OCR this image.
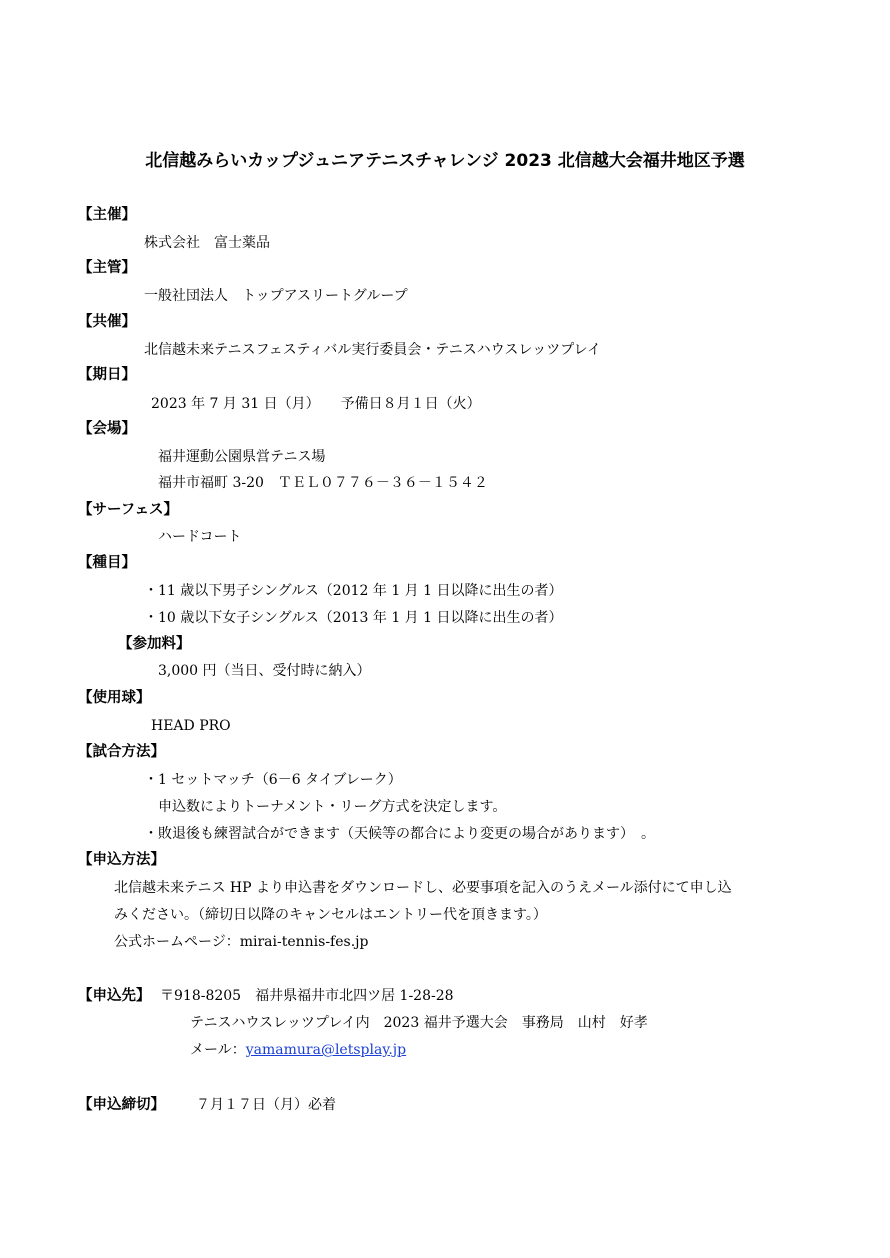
北信越みらいカップジュニアテニスチャレンジ 2023 北信越大会福井地区予選
【主催】
株式会社　富士薬品
【主管】
一般社団法人　トップアスリートグループ
【共催】
北信越未来テニスフェスティバル実行委員会・テニスハウスレッツプレイ
【期日】
2023 年 7 月 31 日（月）　　予備日８月１日（火）
【会場】
福井運動公園県営テニス場
福井市福町 3-20　ＴＥＬ０７７６－３６－１５４２
【サーフェス】
ハードコート
【種目】
・11 歳以下男子シングルス（2012 年 1 月 1 日以降に出生の者）
・10 歳以下女子シングルス（2013 年 1 月 1 日以降に出生の者）
【参加料】
3,000 円（当日、受付時に納入）
【使用球】
HEAD PRO
【試合方法】
・1 セットマッチ（6－6 タイブレーク）
申込数によりトーナメント・リーグ方式を決定します。
・敗退後も練習試合ができます（天候等の都合により変更の場合があります）　。
【申込方法】
北信越未来テニス HP より申込書をダウンロードし、必要事項を記入のうえメール添付にて申し込
みください。（締切日以降のキャンセルはエントリー代を頂きます。）
公式ホームページ：mirai-tennis-fes.jp
【申込先】 〒918-8205　福井県福井市北四ツ居 1-28-28
テニスハウスレッツプレイ内　2023 福井予選大会　事務局　山村　好孝
メール：yamamura@letsplay.jp
【申込締切】 ７月１７日（月）必着
